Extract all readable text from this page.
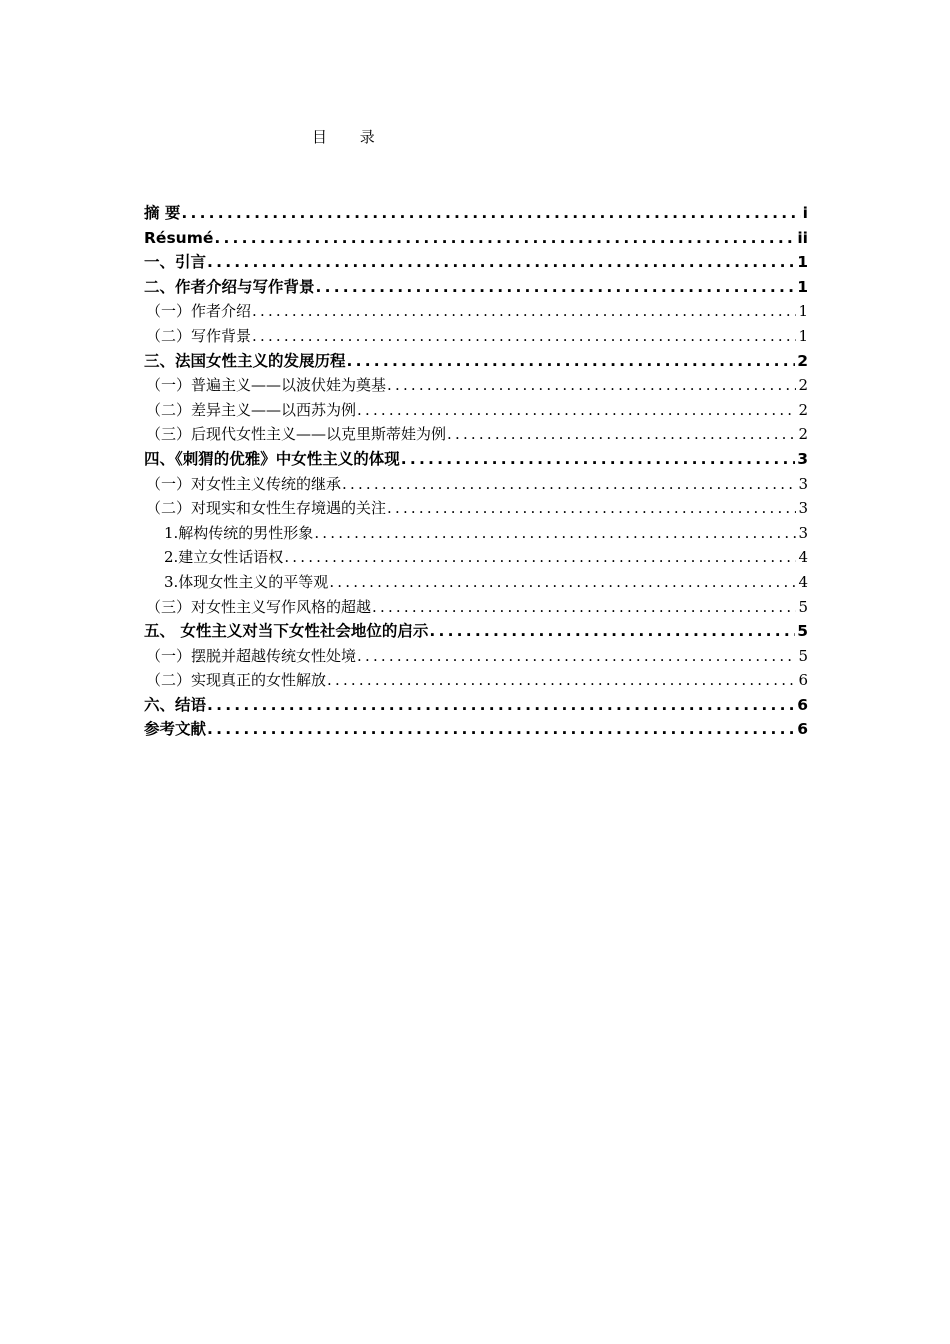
目 录
摘 要 .....	i
Résumé .....	ii
一、引言 .....	1
二、作者介绍与写作背景 .....	1
（一）作者介绍 .....	1
（二）写作背景 .....	1
三、法国女性主义的发展历程 .....	2
（一）普遍主义——以波伏娃为奠基 .....	2
（二）差异主义——以西苏为例 .....	2
（三）后现代女性主义——以克里斯蒂娃为例 .....	2
四、《刺猬的优雅》中女性主义的体现 .....	3
（一）对女性主义传统的继承 .....	3
（二）对现实和女性生存境遇的关注 .....	3
1.解构传统的男性形象 .....	3
2.建立女性话语权 .....	4
3.体现女性主义的平等观 .....	4
（三）对女性主义写作风格的超越 .....	5
五、 女性主义对当下女性社会地位的启示 .....	5
（一）摆脱并超越传统女性处境 .....	5
（二）实现真正的女性解放 .....	6
六、结语 .....	6
参考文献 .....	6
